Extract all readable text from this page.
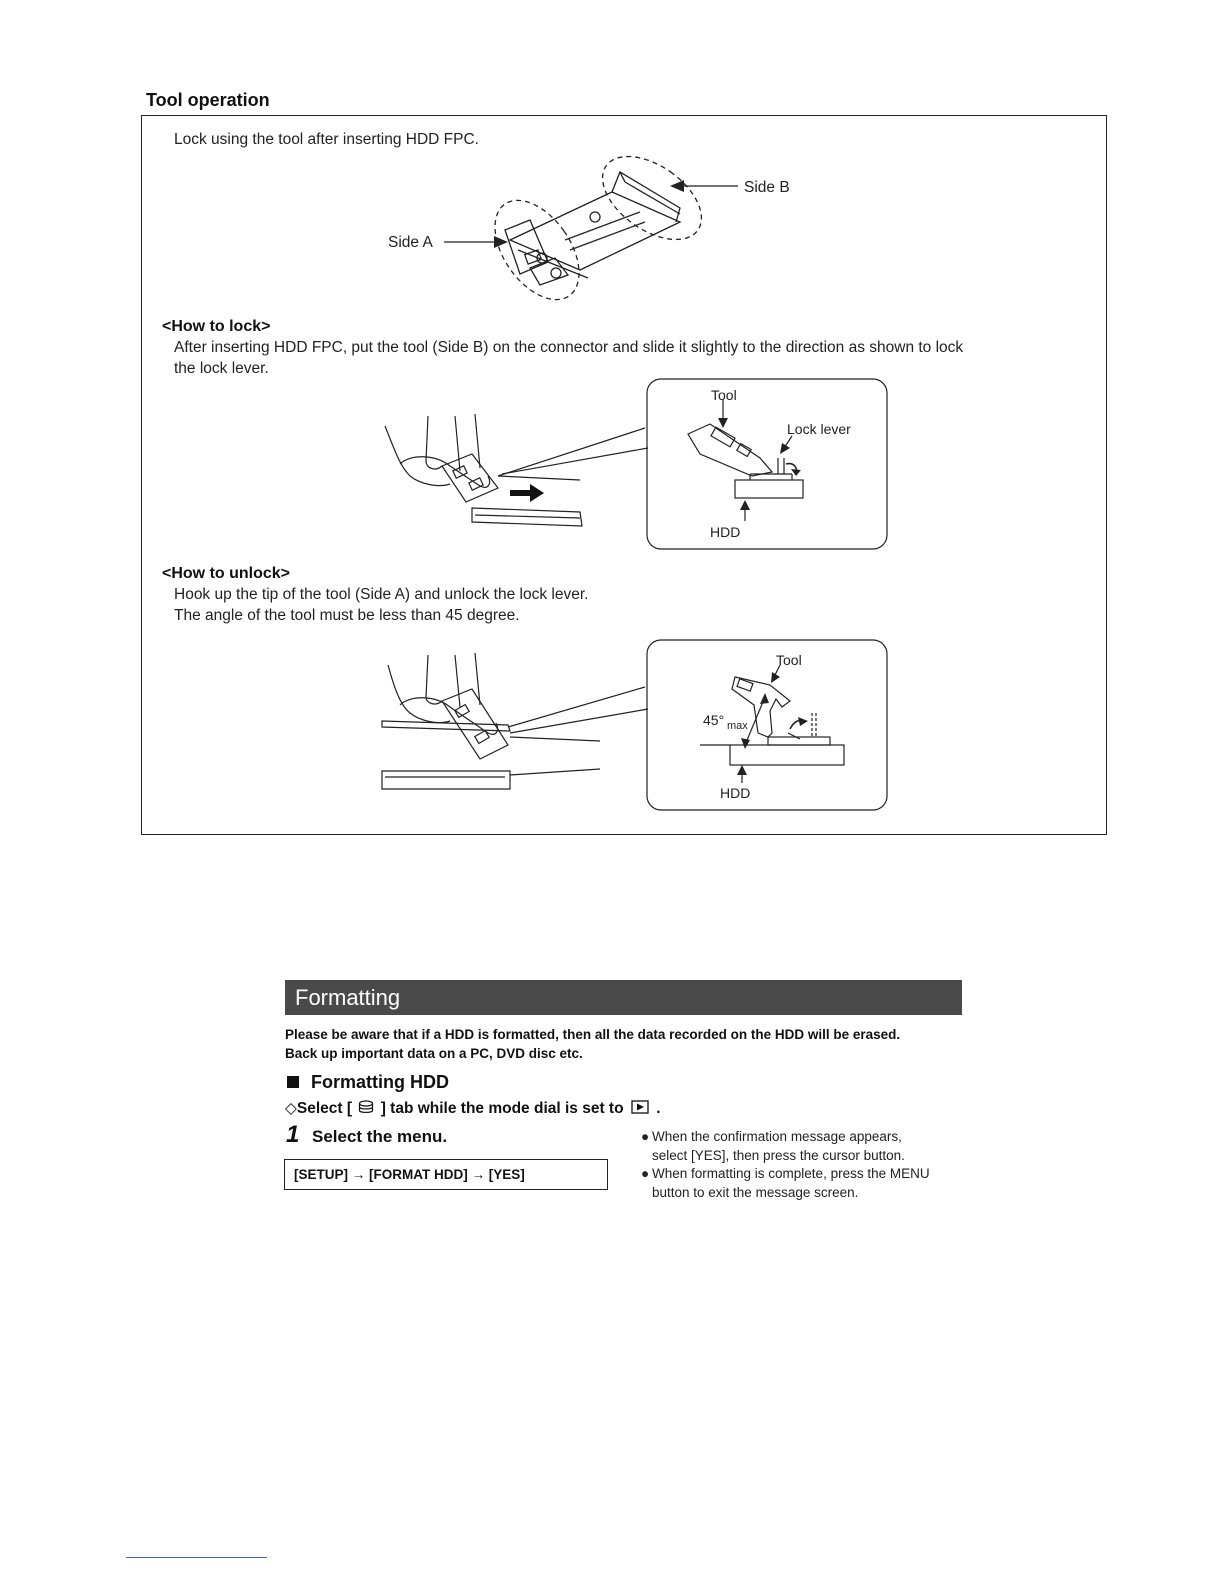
Tool operation
Lock using the tool after inserting HDD FPC.
Side A
Side B
<How to lock>
After inserting HDD FPC, put the tool (Side B) on the connector and slide it slightly to the direction as shown to lock
the lock lever.
Tool
Lock lever
HDD
<How to unlock>
Hook up the tip of the tool (Side A) and unlock the lock lever.
The angle of the tool must be less than 45 degree.
Tool
45° max
HDD
Formatting
Please be aware that if a HDD is formatted, then all the data recorded on the HDD will be erased.
Back up important data on a PC, DVD disc etc.
Formatting HDD
◇Select [ ] tab while the mode dial is set to .
1 Select the menu.
[SETUP] → [FORMAT HDD] → [YES]
● When the confirmation message appears,
select [YES], then press the cursor button.
● When formatting is complete, press the MENU
button to exit the message screen.
